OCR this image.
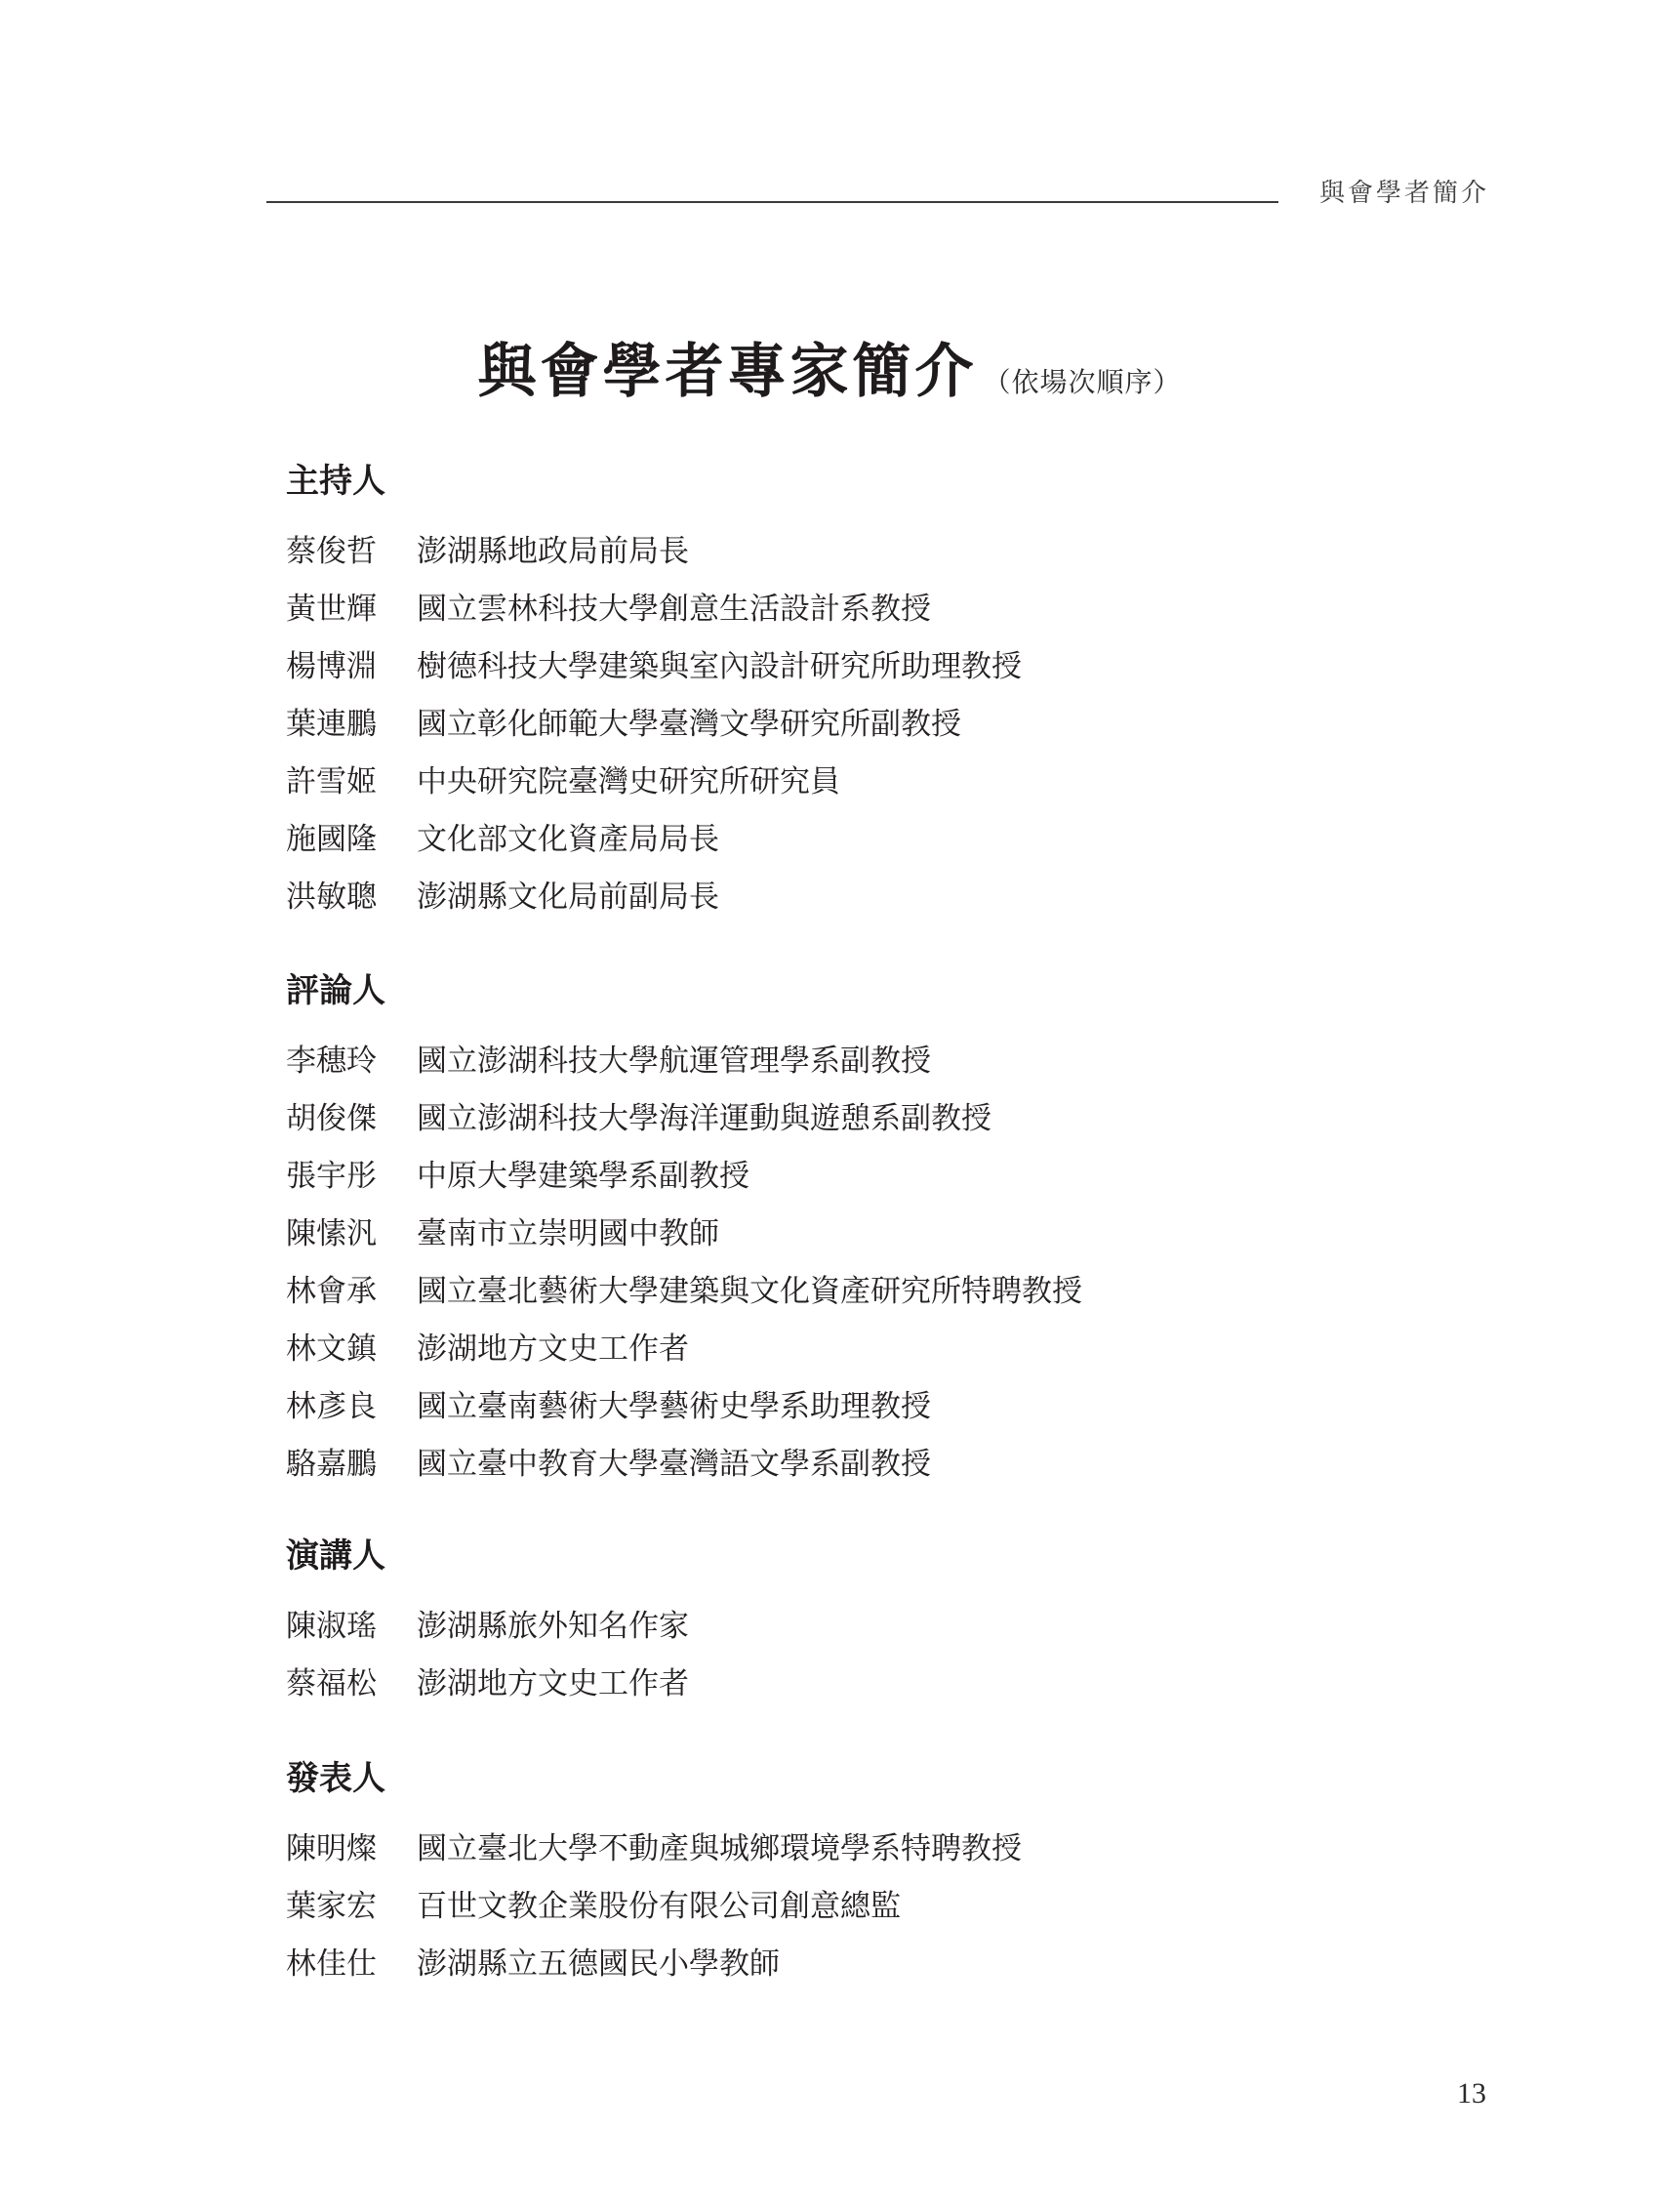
與會學者簡介
與會學者專家簡介 （依場次順序）
主持人
蔡俊哲	澎湖縣地政局前局長
黃世輝	國立雲林科技大學創意生活設計系教授
楊博淵	樹德科技大學建築與室內設計研究所助理教授
葉連鵬	國立彰化師範大學臺灣文學研究所副教授
許雪姬	中央研究院臺灣史研究所研究員
施國隆	文化部文化資產局局長
洪敏聰	澎湖縣文化局前副局長
評論人
李穗玲	國立澎湖科技大學航運管理學系副教授
胡俊傑	國立澎湖科技大學海洋運動與遊憩系副教授
張宇彤	中原大學建築學系副教授
陳愫汎	臺南市立崇明國中教師
林會承	國立臺北藝術大學建築與文化資產研究所特聘教授
林文鎮	澎湖地方文史工作者
林彥良	國立臺南藝術大學藝術史學系助理教授
駱嘉鵬	國立臺中教育大學臺灣語文學系副教授
演講人
陳淑瑤	澎湖縣旅外知名作家
蔡福松	澎湖地方文史工作者
發表人
陳明燦	國立臺北大學不動產與城鄉環境學系特聘教授
葉家宏	百世文教企業股份有限公司創意總監
林佳仕	澎湖縣立五德國民小學教師
13
